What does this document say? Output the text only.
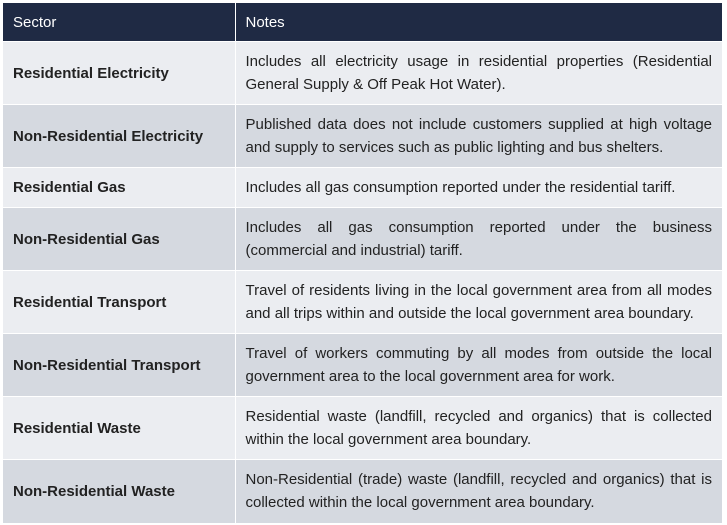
Sector	Notes
Residential Electricity	Includes all electricity usage in residential properties (Residential General Supply & Off Peak Hot Water).
Non-Residential Electricity	Published data does not include customers supplied at high voltage and supply to services such as public lighting and bus shelters.
Residential Gas	Includes all gas consumption reported under the residential tariff.
Non-Residential Gas	Includes all gas consumption reported under the business (commercial and industrial) tariff.
Residential Transport	Travel of residents living in the local government area from all modes and all trips within and outside the local government area boundary.
Non-Residential Transport	Travel of workers commuting by all modes from outside the local government area to the local government area for work.
Residential Waste	Residential waste (landfill, recycled and organics) that is collected within the local government area boundary.
Non-Residential Waste	Non-Residential (trade) waste (landfill, recycled and organics) that is collected within the local government area boundary.
